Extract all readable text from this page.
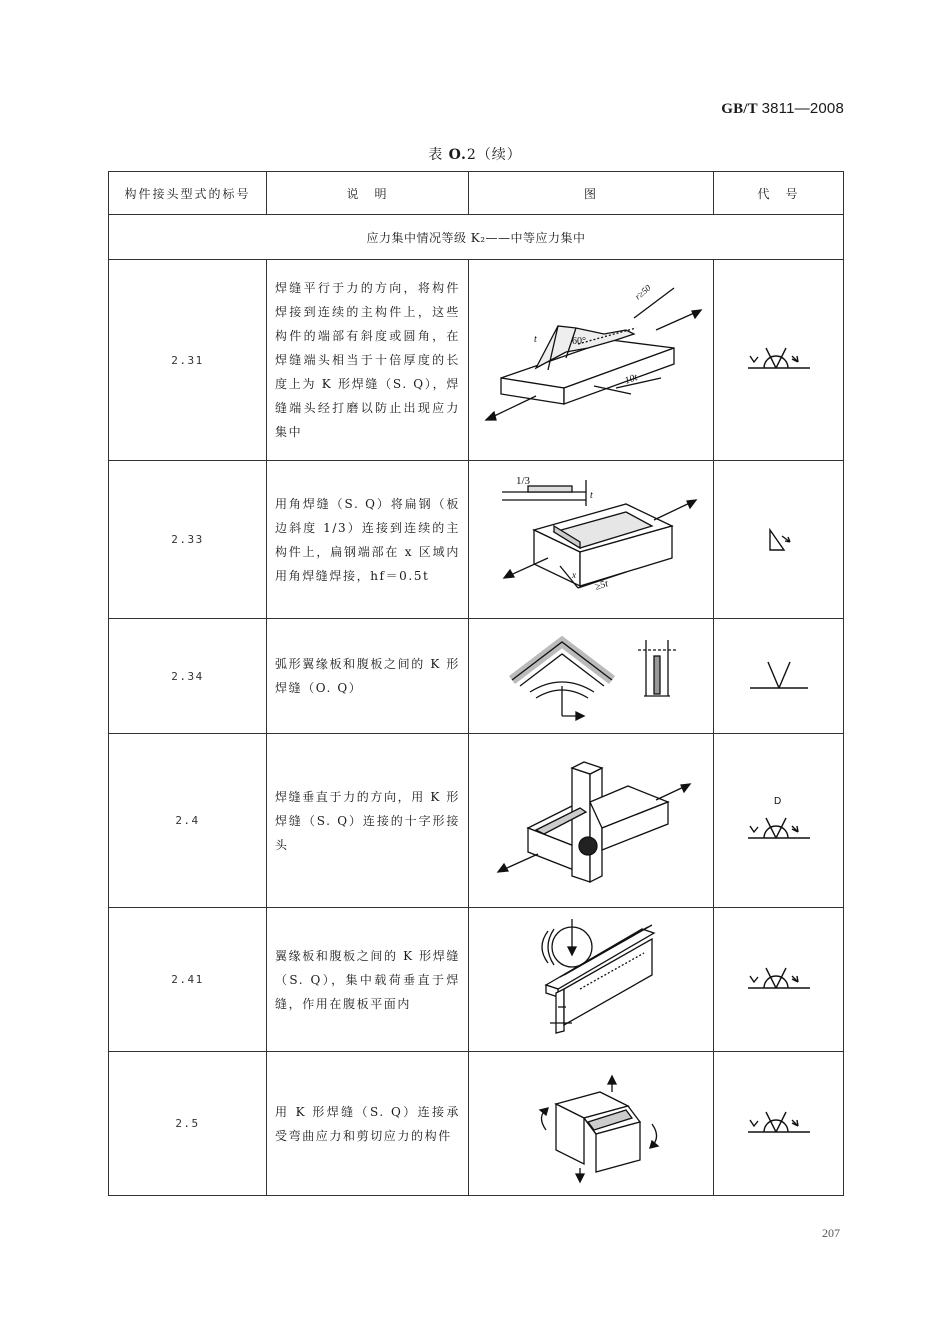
GB/T 3811—2008
表 O.2（续）
构件接头型式的标号	说　明	图	代　号
应力集中情况等级 K₂——中等应力集中			
2.31	焊缝平行于力的方向，将构件焊接到连续的主构件上，这些构件的端部有斜度或圆角，在焊缝端头相当于十倍厚度的长度上为 K 形焊缝（S. Q），焊缝端头经打磨以防止出现应力集中	r≥50
60°
10t
t

2.33	用角焊缝（S. Q）将扁钢（板边斜度 1/3）连接到连续的主构件上，扁钢端部在 x 区域内用角焊缝焊接，hf＝0.5t	1/3
t
≥5t
x

2.34	弧形翼缘板和腹板之间的 K 形焊缝（O. Q）	

2.4	焊缝垂直于力的方向，用 K 形焊缝（S. Q）连接的十字形接头		D

2.41	翼缘板和腹板之间的 K 形焊缝（S. Q），集中载荷垂直于焊缝，作用在腹板平面内	

2.5	用 K 形焊缝（S. Q）连接承受弯曲应力和剪切应力的构件	

207
